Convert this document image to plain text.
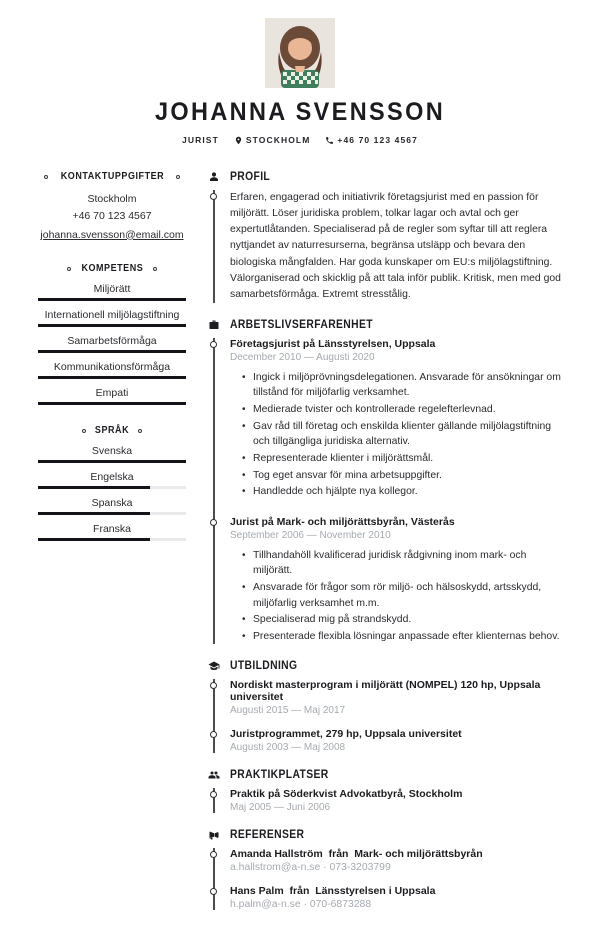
JOHANNA SVENSSON
JURIST	STOCKHOLM	+46 70 123 4567
KONTAKTUPPGIFTER
Stockholm
+46 70 123 4567
johanna.svensson@email.com
KOMPETENS
Miljörätt
Internationell miljölagstiftning
Samarbetsförmåga
Kommunikationsförmåga
Empati
SPRÅK
Svenska
Engelska
Spanska
Franska
PROFIL

Erfaren, engagerad och initiativrik företagsjurist med en passion för miljörätt. Löser juridiska problem, tolkar lagar och avtal och ger expertutlåtanden. Specialiserad på de regler som syftar till att reglera nyttjandet av naturresurserna, begränsa utsläpp och bevara den biologiska mångfalden. Har goda kunskaper om EU:s miljölagstiftning. Välorganiserad och skicklig på att tala inför publik. Kritisk, men med god samarbetsförmåga. Extremt stresstålig.

ARBETSLIVSERFARENHET
Företagsjurist på Länsstyrelsen, Uppsala
December 2010 — Augusti 2020
• Ingick i miljöprövningsdelegationen. Ansvarade för ansökningar om tillstånd för miljöfarlig verksamhet.
• Medierade tvister och kontrollerade regelefterlevnad.
• Gav råd till företag och enskilda klienter gällande miljölagstiftning och tillgängliga juridiska alternativ.
• Representerade klienter i miljörättsmål.
• Tog eget ansvar för mina arbetsuppgifter.
• Handledde och hjälpte nya kollegor.
Jurist på Mark- och miljörättsbyrån, Västerås
September 2006 — November 2010
• Tillhandahöll kvalificerad juridisk rådgivning inom mark- och miljörätt.
• Ansvarade för frågor som rör miljö- och hälsoskydd, artsskydd, miljöfarlig verksamhet m.m.
• Specialiserad mig på strandskydd.
• Presenterade flexibla lösningar anpassade efter klienternas behov.
UTBILDNING
Nordiskt masterprogram i miljörätt (NOMPEL) 120 hp, Uppsala universitet
Augusti 2015 — Maj 2017
Juristprogrammet, 279 hp, Uppsala universitet
Augusti 2003 — Maj 2008
PRAKTIKPLATSER
Praktik på Söderkvist Advokatbyrå, Stockholm
Maj 2005 — Juni 2006
REFERENSER
Amanda Hallström  från  Mark- och miljörättsbyrån
a.hallstrom@a-n.se · 073-3203799
Hans Palm  från  Länsstyrelsen i Uppsala
h.palm@a-n.se · 070-6873288
